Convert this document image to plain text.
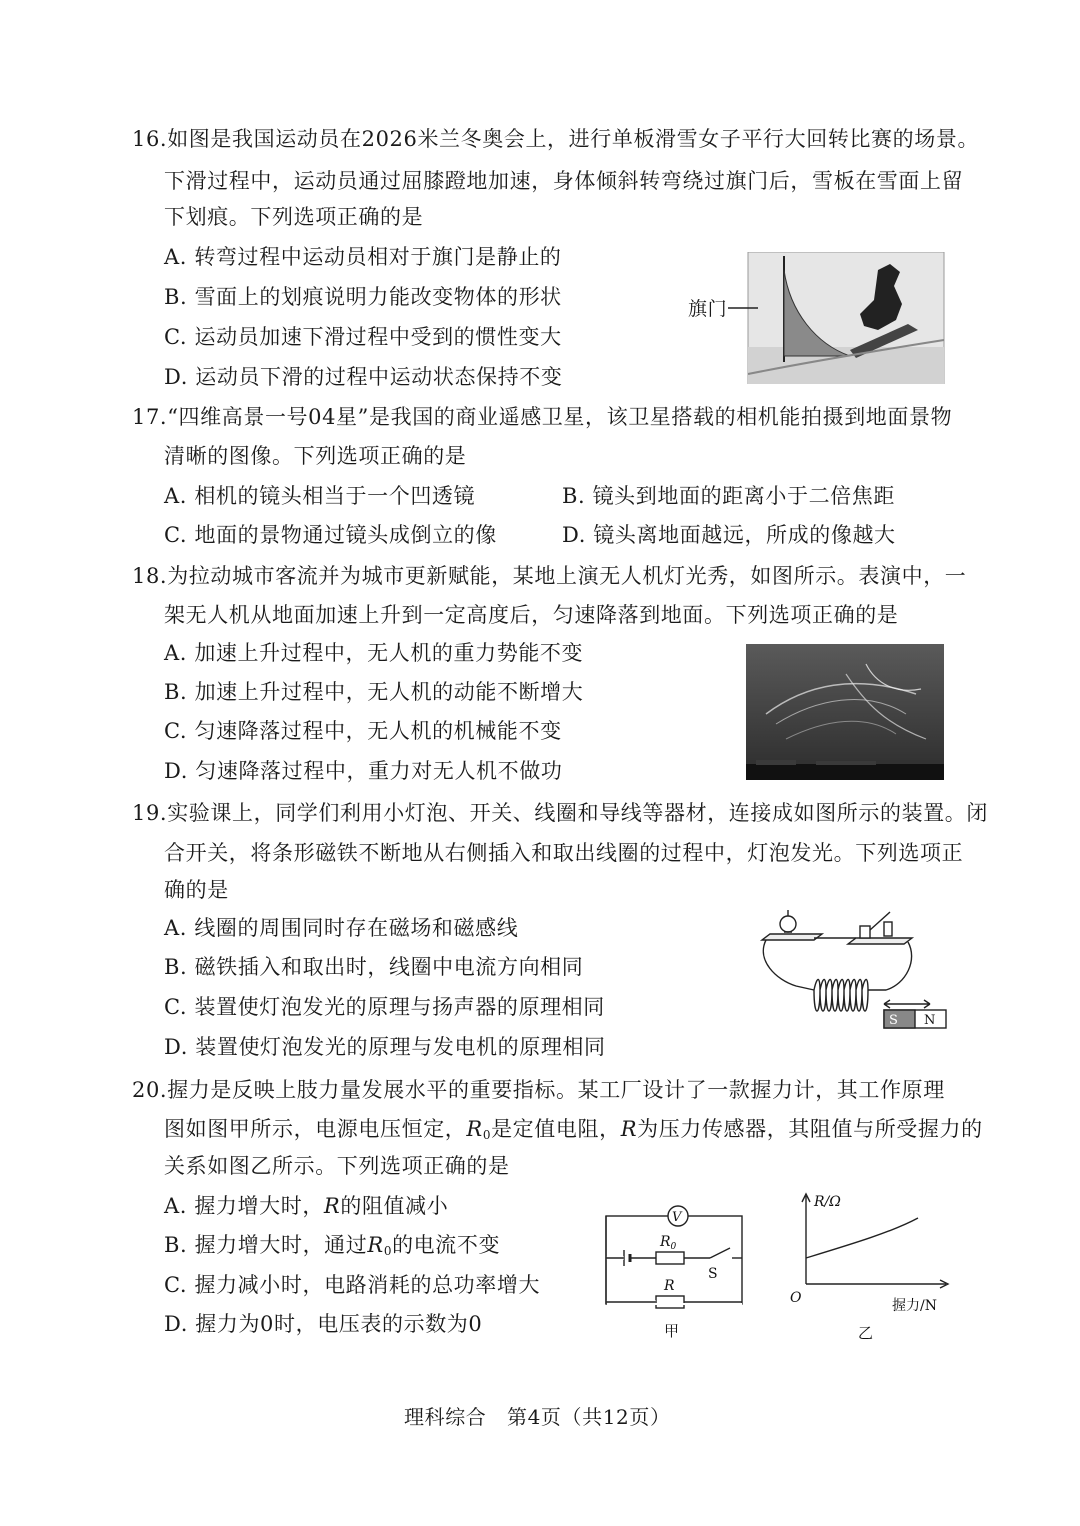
16.如图是我国运动员在2026米兰冬奥会上，进行单板滑雪女子平行大回转比赛的场景。
下滑过程中，运动员通过屈膝蹬地加速，身体倾斜转弯绕过旗门后，雪板在雪面上留
下划痕。下列选项正确的是
A. 转弯过程中运动员相对于旗门是静止的
B. 雪面上的划痕说明力能改变物体的形状
C. 运动员加速下滑过程中受到的惯性变大
D. 运动员下滑的过程中运动状态保持不变
旗门
17.“四维高景一号04星”是我国的商业遥感卫星，该卫星搭载的相机能拍摄到地面景物
清晰的图像。下列选项正确的是
A. 相机的镜头相当于一个凹透镜	B. 镜头到地面的距离小于二倍焦距
C. 地面的景物通过镜头成倒立的像	D. 镜头离地面越远，所成的像越大
18.为拉动城市客流并为城市更新赋能，某地上演无人机灯光秀，如图所示。表演中，一
架无人机从地面加速上升到一定高度后，匀速降落到地面。下列选项正确的是
A. 加速上升过程中，无人机的重力势能不变
B. 加速上升过程中，无人机的动能不断增大
C. 匀速降落过程中，无人机的机械能不变
D. 匀速降落过程中，重力对无人机不做功
19.实验课上，同学们利用小灯泡、开关、线圈和导线等器材，连接成如图所示的装置。闭
合开关，将条形磁铁不断地从右侧插入和取出线圈的过程中，灯泡发光。下列选项正
确的是
A. 线圈的周围同时存在磁场和磁感线
B. 磁铁插入和取出时，线圈中电流方向相同
C. 装置使灯泡发光的原理与扬声器的原理相同
D. 装置使灯泡发光的原理与发电机的原理相同
S N
20.握力是反映上肢力量发展水平的重要指标。某工厂设计了一款握力计，其工作原理
图如图甲所示，电源电压恒定，$R_0$是定值电阻，R为压力传感器，其阻值与所受握力的
关系如图乙所示。下列选项正确的是
A. 握力增大时，R的阻值减小
B. 握力增大时，通过$R_0$的电流不变
C. 握力减小时，电路消耗的总功率增大
D. 握力为0时，电压表的示数为0
V
$R_0$
S
R
甲
R/Ω
O	握力/N
乙
理科综合　第4页（共12页）
